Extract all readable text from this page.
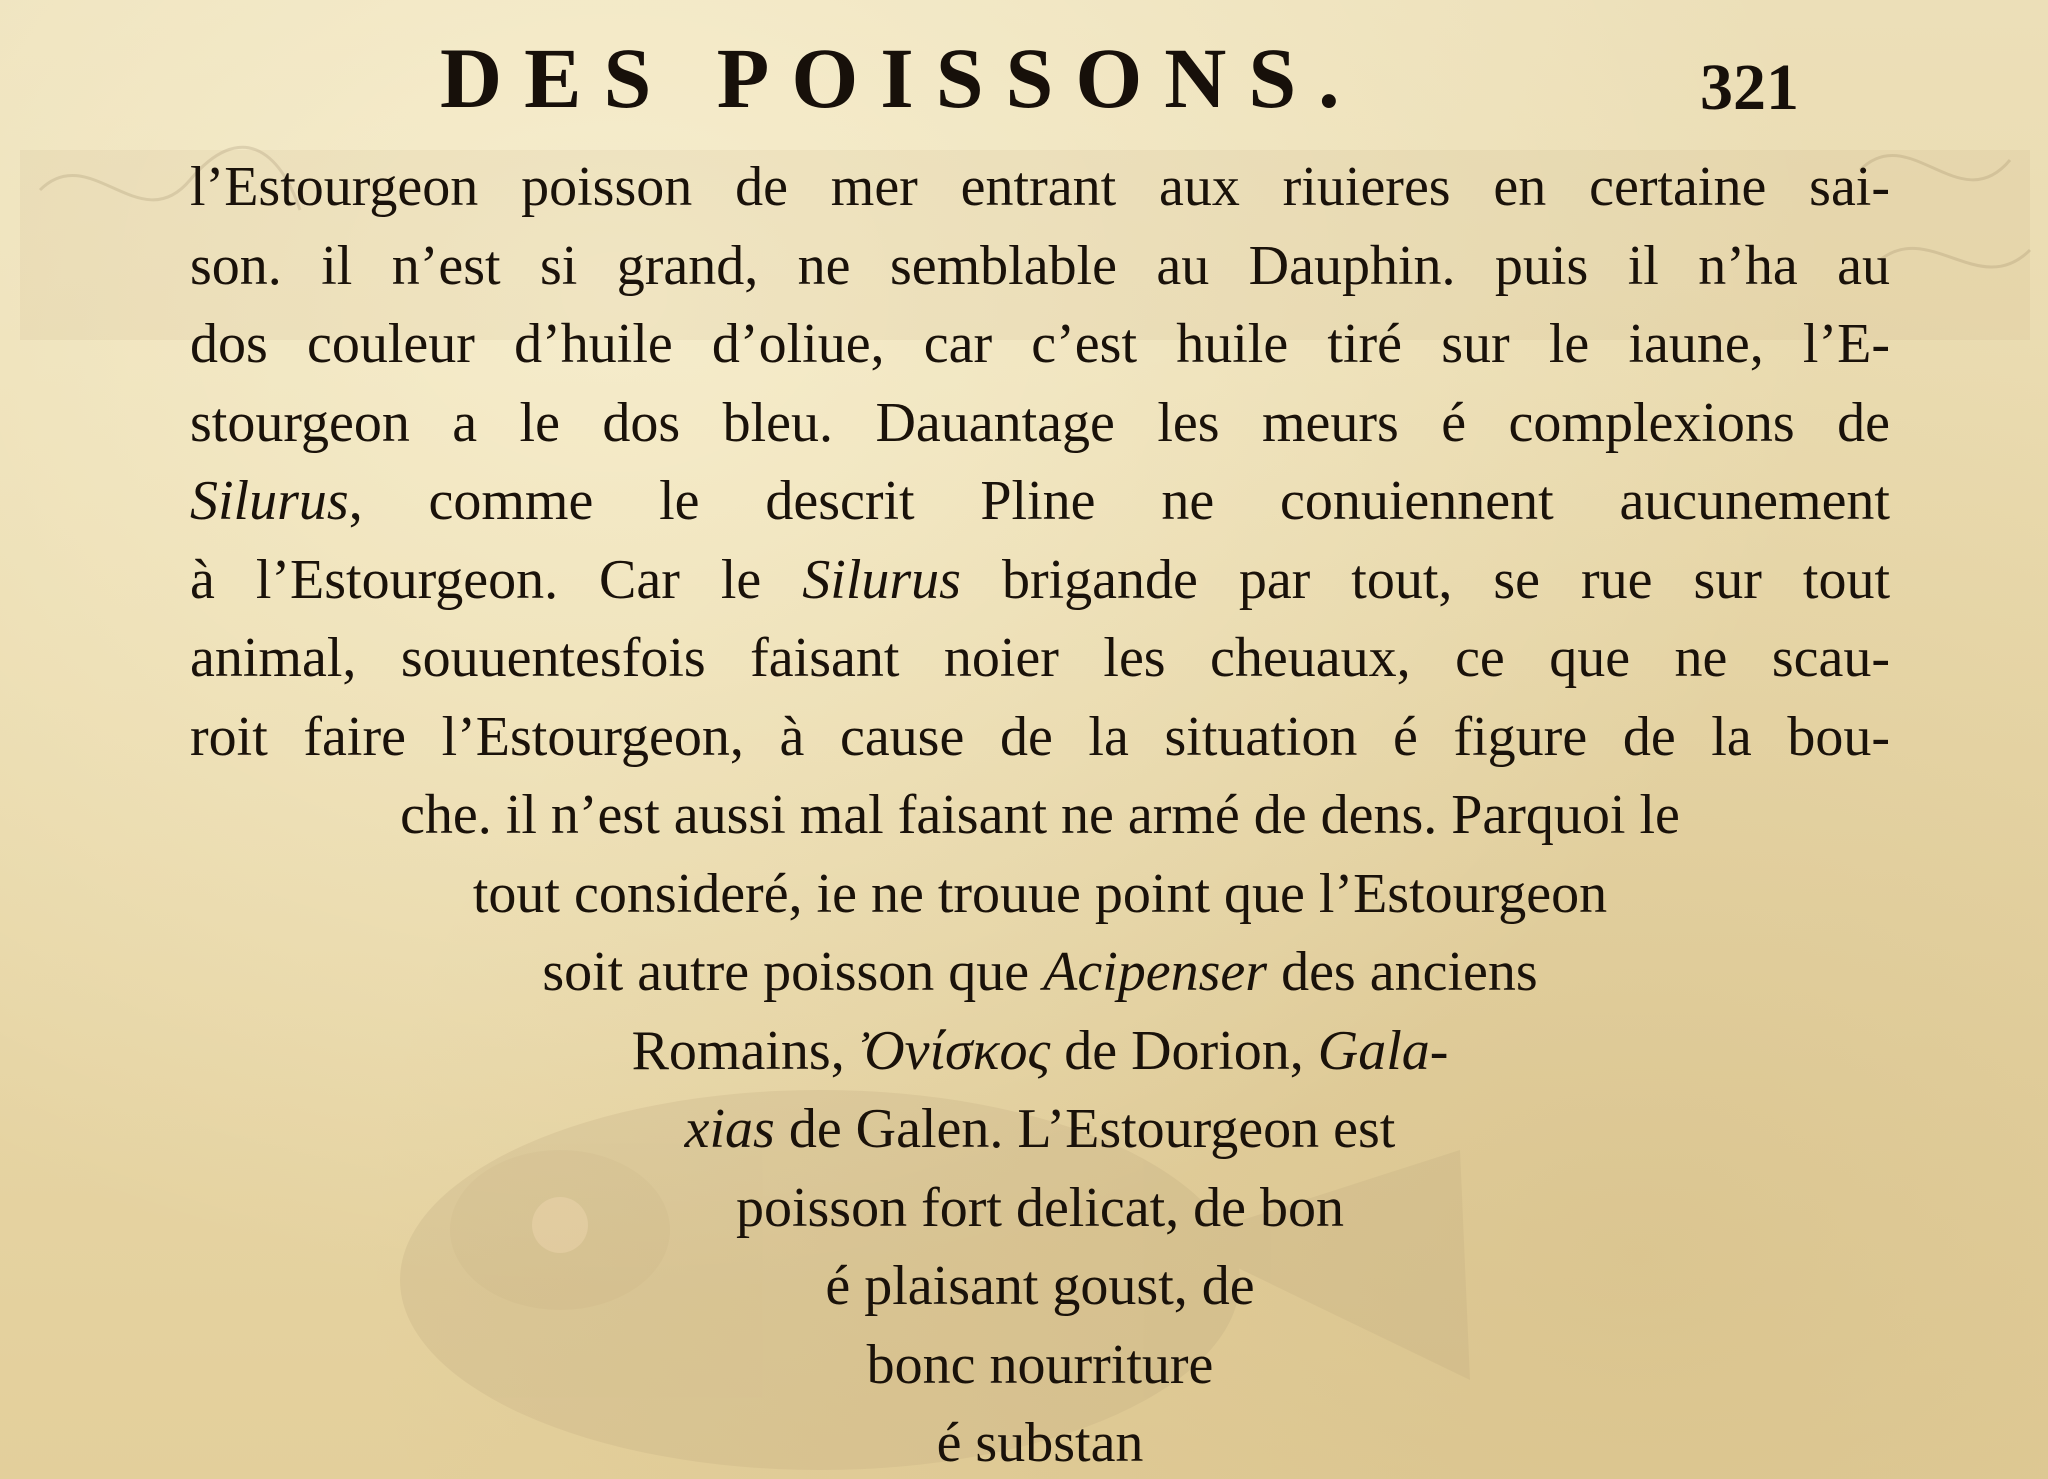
DES POISSONS.	321
l’Estourgeon poisson de mer entrant aux riuieres en certaine sai-
son. il n’est si grand, ne semblable au Dauphin. puis il n’ha au
dos couleur d’huile d’oliue, car c’est huile tiré sur le iaune, l’E-
stourgeon a le dos bleu. Dauantage les meurs é complexions de
Silurus, comme le descrit Pline ne conuiennent aucunement
à l’Estourgeon. Car le Silurus brigande par tout, se rue sur tout
animal, souuentesfois faisant noier les cheuaux, ce que ne scau-
roit faire l’Estourgeon, à cause de la situation é figure de la bou-
che. il n’est aussi mal faisant ne armé de dens. Parquoi le
tout consideré, ie ne trouue point que l’Estourgeon
soit autre poisson que Acipenser des anciens
Romains, Ὀνίσκος de Dorion, Gala-
xias de Galen. L’Estourgeon est
poisson fort delicat, de bon
é plaisant goust, de
bonc nourriture
é substan
